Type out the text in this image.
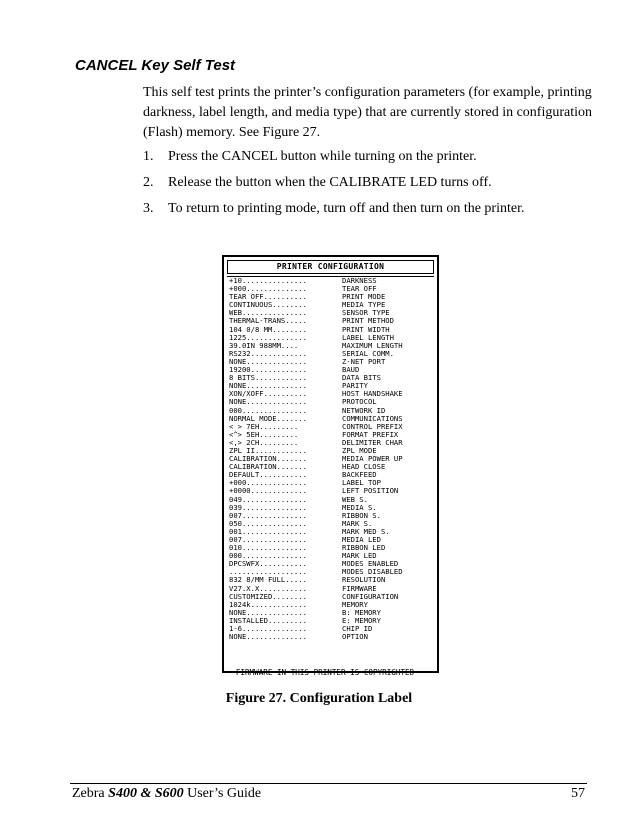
CANCEL Key Self Test

This self test prints the printer’s configuration parameters (for example, printing darkness, label length, and media type) that are currently stored in configuration (Flash) memory. See Figure 27.

1.	Press the CANCEL button while turning on the printer.
2.	Release the button when the CALIBRATE LED turns off.
3.	To return to printing mode, turn off and then turn on the printer.
PRINTER CONFIGURATION
+10...............	DARKNESS
+000..............	TEAR OFF
TEAR OFF..........	PRINT MODE
CONTINUOUS........	MEDIA TYPE
WEB...............	SENSOR TYPE
THERMAL-TRANS.....	PRINT METHOD
104 0/8 MM........	PRINT WIDTH
1225..............	LABEL LENGTH
39.0IN 988MM....	MAXIMUM LENGTH
RS232.............	SERIAL COMM.
NONE..............	Z-NET PORT
19200.............	BAUD
8 BITS............	DATA BITS
NONE..............	PARITY
XON/XOFF..........	HOST HANDSHAKE
NONE..............	PROTOCOL
000...............	NETWORK ID
NORMAL MODE.......	COMMUNICATIONS
< > 7EH.........	CONTROL PREFIX
<^> 5EH.........	FORMAT PREFIX
<,> 2CH.........	DELIMITER CHAR
ZPL II............	ZPL MODE
CALIBRATION.......	MEDIA POWER UP
CALIBRATION.......	HEAD CLOSE
DEFAULT...........	BACKFEED
+000..............	LABEL TOP
+0000.............	LEFT POSITION
049...............	WEB S.
039...............	MEDIA S.
007...............	RIBBON S.
050...............	MARK S.
001...............	MARK MED S.
007...............	MEDIA LED
010...............	RIBBON LED
000...............	MARK LED
DPCSWFX...........	MODES ENABLED
..................	MODES DISABLED
832 8/MM FULL.....	RESOLUTION
V27.X.X...........	FIRMWARE
CUSTOMIZED........	CONFIGURATION
1024k.............	MEMORY
NONE..............	B: MEMORY
INSTALLED.........	E: MEMORY
1-6...............	CHIP ID
NONE..............	OPTION
FIRMWARE IN THIS PRINTER IS COPYRIGHTED
Figure 27. Configuration Label
Zebra S400 & S600 User’s Guide	57
